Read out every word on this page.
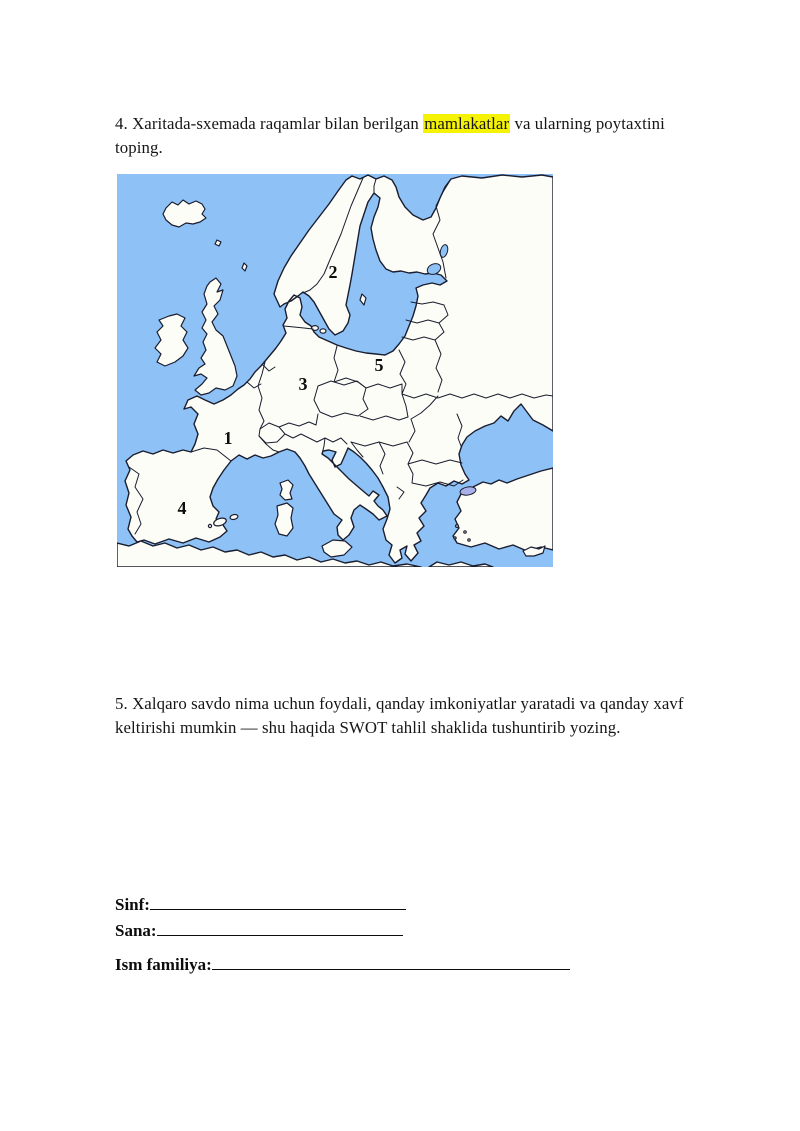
4. Xaritada-sxemada raqamlar bilan berilgan mamlakatlar va ularning poytaxtini
toping.
1
2
3
4
5
5. Xalqaro savdo nima uchun foydali, qanday imkoniyatlar yaratadi va qanday xavf
keltirishi mumkin — shu haqida SWOT tahlil shaklida tushuntirib yozing.
Sinf:
Sana:
Ism familiya:
